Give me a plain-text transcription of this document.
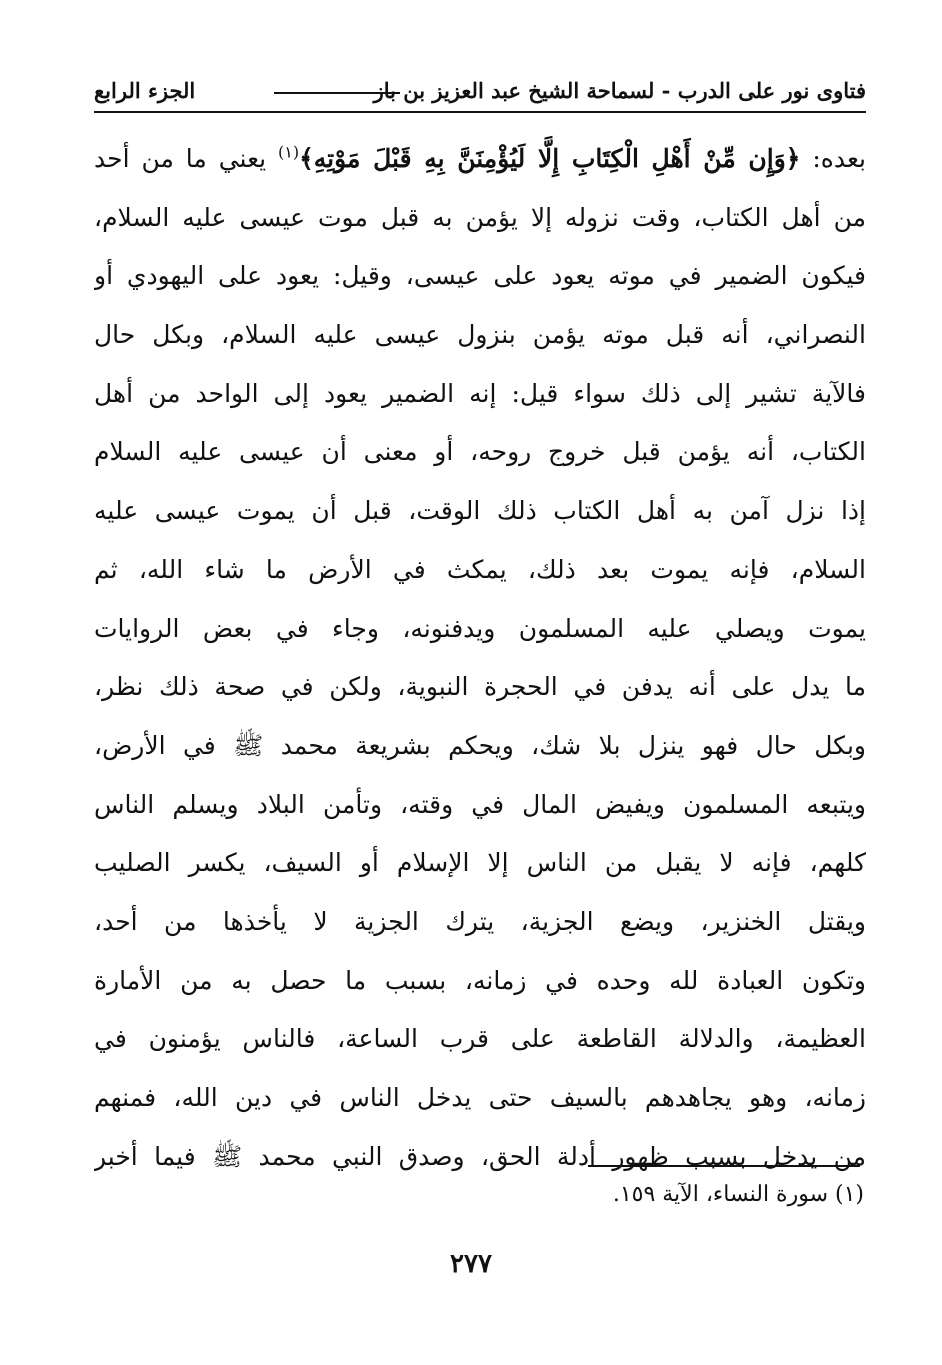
فتاوى نور على الدرب - لسماحة الشيخ عبد العزيز بن باز
الجزء الرابع
بعده: ﴿وَإِن مِّنْ أَهْلِ الْكِتَابِ إِلَّا لَيُؤْمِنَنَّ بِهِ قَبْلَ مَوْتِهِ﴾$^{(١)}$ يعني ما من أحد
من أهل الكتاب، وقت نزوله إلا يؤمن به قبل موت عيسى عليه السلام،
فيكون الضمير في موته يعود على عيسى، وقيل: يعود على اليهودي أو
النصراني، أنه قبل موته يؤمن بنزول عيسى عليه السلام، وبكل حال
فالآية تشير إلى ذلك سواء قيل: إنه الضمير يعود إلى الواحد من أهل
الكتاب، أنه يؤمن قبل خروج روحه، أو معنى أن عيسى عليه السلام
إذا نزل آمن به أهل الكتاب ذلك الوقت، قبل أن يموت عيسى عليه
السلام، فإنه يموت بعد ذلك، يمكث في الأرض ما شاء الله، ثم
يموت ويصلي عليه المسلمون ويدفنونه، وجاء في بعض الروايات
ما يدل على أنه يدفن في الحجرة النبوية، ولكن في صحة ذلك نظر،
وبكل حال فهو ينزل بلا شك، ويحكم بشريعة محمد ﷺ في الأرض،
ويتبعه المسلمون ويفيض المال في وقته، وتأمن البلاد ويسلم الناس
كلهم، فإنه لا يقبل من الناس إلا الإسلام أو السيف، يكسر الصليب
ويقتل الخنزير، ويضع الجزية، يترك الجزية لا يأخذها من أحد،
وتكون العبادة لله وحده في زمانه، بسبب ما حصل به من الأمارة
العظيمة، والدلالة القاطعة على قرب الساعة، فالناس يؤمنون في
زمانه، وهو يجاهدهم بالسيف حتى يدخل الناس في دين الله، فمنهم
من يدخل بسبب ظهور أدلة الحق، وصدق النبي محمد ﷺ فيما أخبر
(١) سورة النساء، الآية ١٥٩.
٢٧٧
